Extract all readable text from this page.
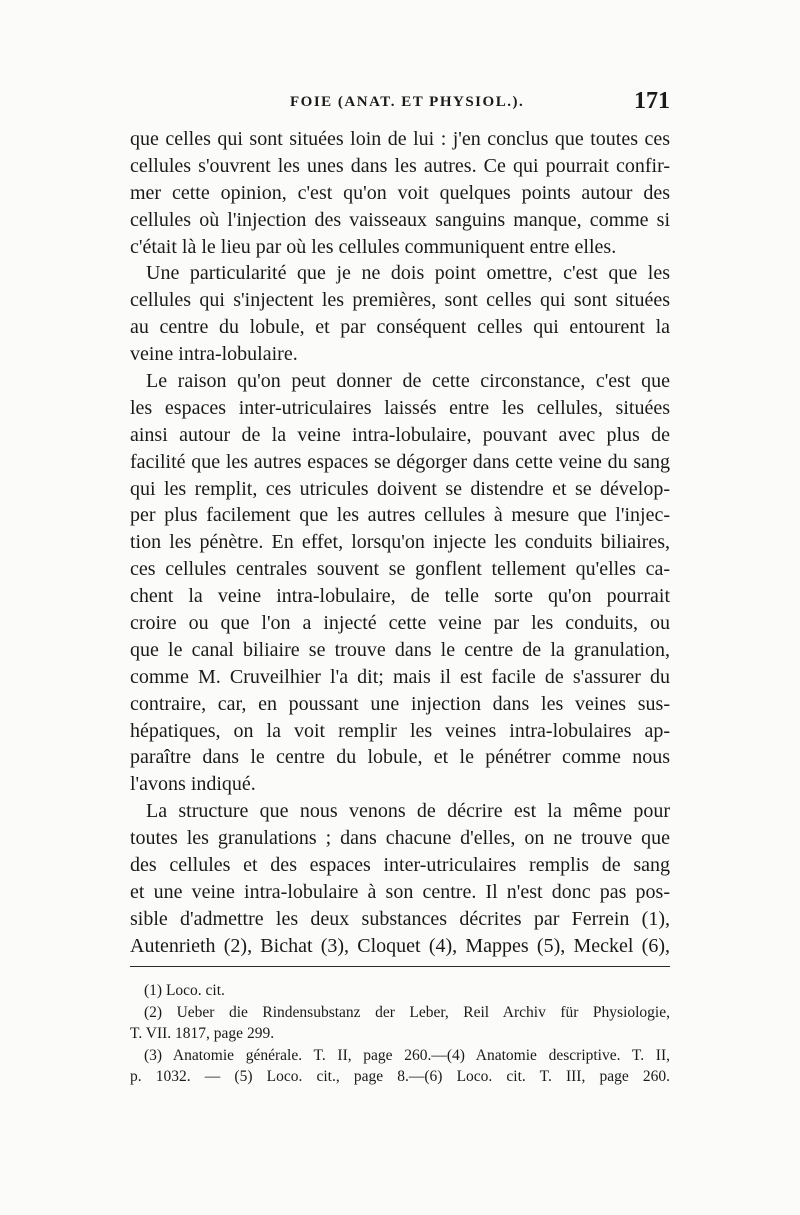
FOIE (ANAT. ET PHYSIOL.).	171
que celles qui sont situées loin de lui : j'en conclus que toutes ces
cellules s'ouvrent les unes dans les autres. Ce qui pourrait confir-
mer cette opinion, c'est qu'on voit quelques points autour des
cellules où l'injection des vaisseaux sanguins manque, comme si
c'était là le lieu par où les cellules communiquent entre elles.
Une particularité que je ne dois point omettre, c'est que les
cellules qui s'injectent les premières, sont celles qui sont situées
au centre du lobule, et par conséquent celles qui entourent la
veine intra-lobulaire.
Le raison qu'on peut donner de cette circonstance, c'est que
les espaces inter-utriculaires laissés entre les cellules, situées
ainsi autour de la veine intra-lobulaire, pouvant avec plus de
facilité que les autres espaces se dégorger dans cette veine du sang
qui les remplit, ces utricules doivent se distendre et se dévelop-
per plus facilement que les autres cellules à mesure que l'injec-
tion les pénètre. En effet, lorsqu'on injecte les conduits biliaires,
ces cellules centrales souvent se gonflent tellement qu'elles ca-
chent la veine intra-lobulaire, de telle sorte qu'on pourrait
croire ou que l'on a injecté cette veine par les conduits, ou
que le canal biliaire se trouve dans le centre de la granulation,
comme M. Cruveilhier l'a dit; mais il est facile de s'assurer du
contraire, car, en poussant une injection dans les veines sus-
hépatiques, on la voit remplir les veines intra-lobulaires ap-
paraître dans le centre du lobule, et le pénétrer comme nous
l'avons indiqué.
La structure que nous venons de décrire est la même pour
toutes les granulations ; dans chacune d'elles, on ne trouve que
des cellules et des espaces inter-utriculaires remplis de sang
et une veine intra-lobulaire à son centre. Il n'est donc pas pos-
sible d'admettre les deux substances décrites par Ferrein (1),
Autenrieth (2), Bichat (3), Cloquet (4), Mappes (5), Meckel (6),
(1) Loco. cit.
(2) Ueber die Rindensubstanz der Leber, Reil Archiv für Physiologie,
T. VII. 1817, page 299.
(3) Anatomie générale. T. II, page 260.—(4) Anatomie descriptive. T. II,
p. 1032. — (5) Loco. cit., page 8.—(6) Loco. cit. T. III, page 260.
